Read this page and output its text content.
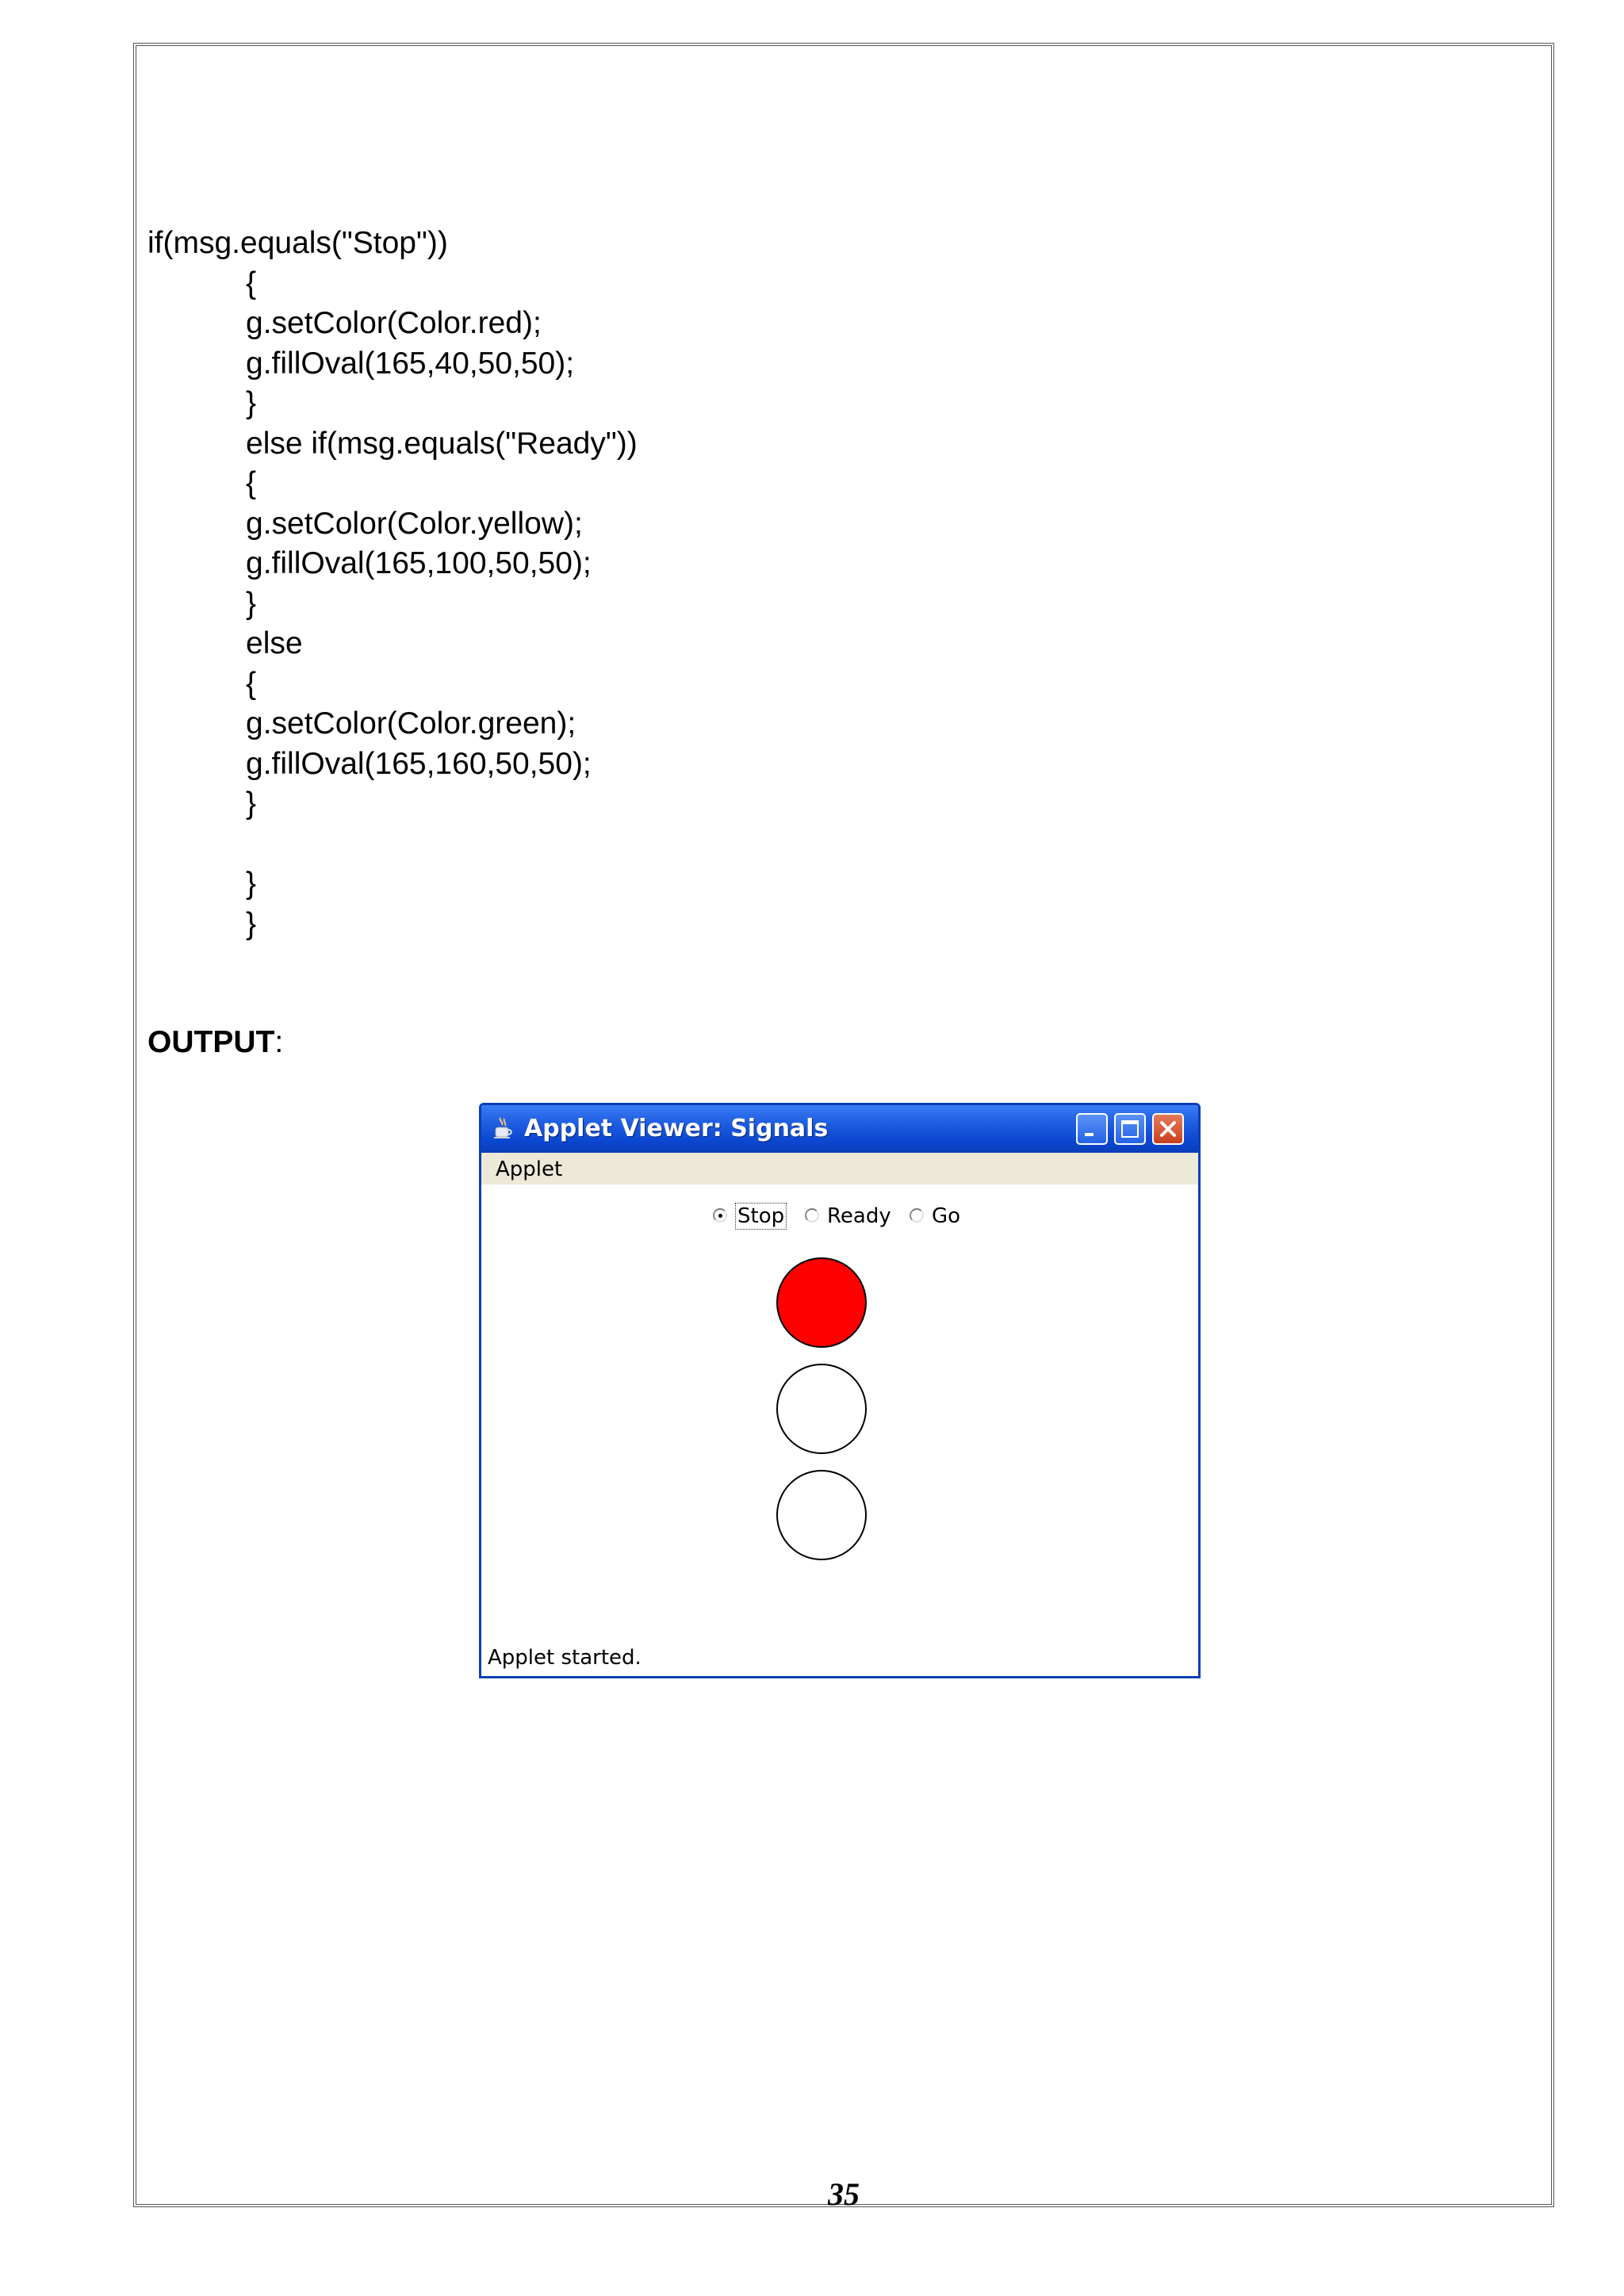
if(msg.equals("Stop"))
{
g.setColor(Color.red);
g.fillOval(165,40,50,50);
}
else if(msg.equals("Ready"))
{
g.setColor(Color.yellow);
g.fillOval(165,100,50,50);
}
else
{
g.setColor(Color.green);
g.fillOval(165,160,50,50);
}
}
}
OUTPUT:
Applet Viewer: Signals
Applet

Stop

Ready

Go

Applet started.
35
